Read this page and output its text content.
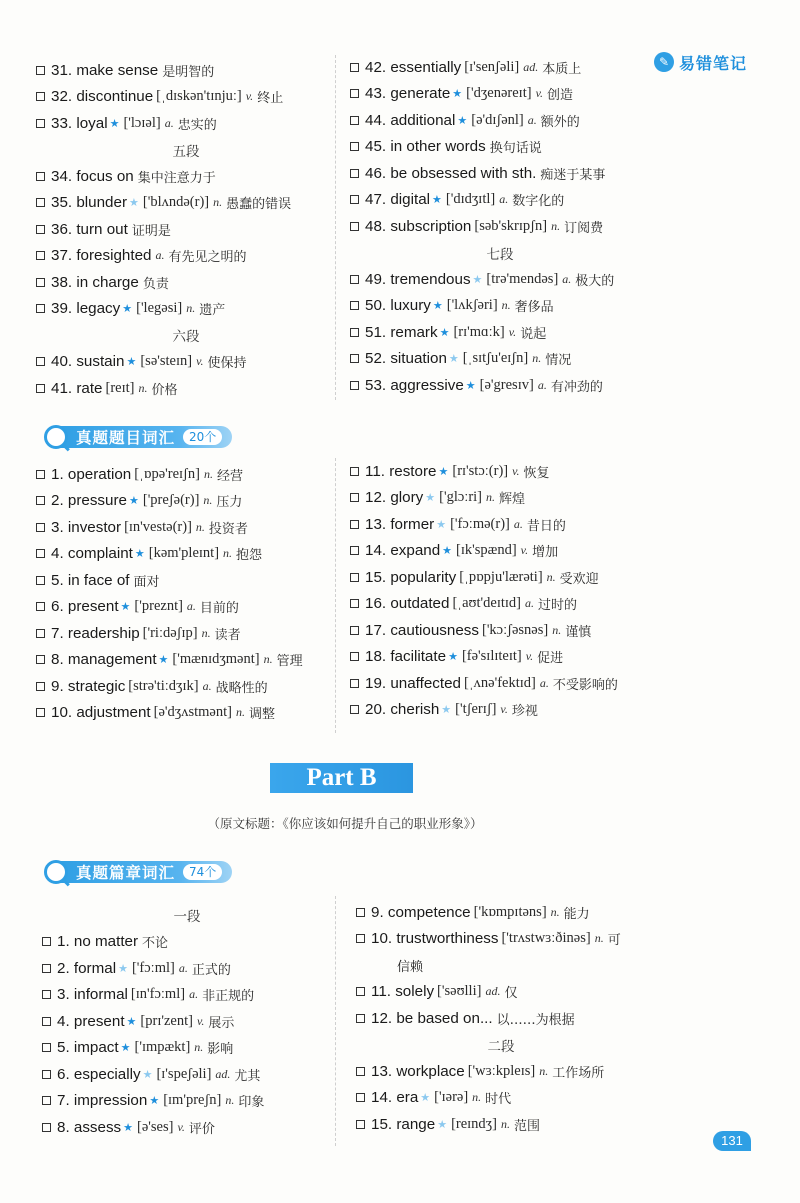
✎ 易错笔记
31. make sense 是明智的
32. discontinue [ˌdɪskən'tɪnjuː] v. 终止
33. loyal ★ ['lɔɪəl] a. 忠实的
五段
34. focus on 集中注意力于
35. blunder ★ ['blʌndə(r)] n. 愚蠢的错误
36. turn out 证明是
37. foresighted a. 有先见之明的
38. in charge 负责
39. legacy ★ ['legəsi] n. 遗产
六段
40. sustain ★ [sə'steɪn] v. 使保持
41. rate [reɪt] n. 价格
42. essentially [ɪ'senʃəli] ad. 本质上
43. generate ★ ['dʒenəreɪt] v. 创造
44. additional ★ [ə'dɪʃənl] a. 额外的
45. in other words 换句话说
46. be obsessed with sth. 痴迷于某事
47. digital ★ ['dɪdʒɪtl] a. 数字化的
48. subscription [səb'skrɪpʃn] n. 订阅费
七段
49. tremendous ★ [trə'mendəs] a. 极大的
50. luxury ★ ['lʌkʃəri] n. 奢侈品
51. remark ★ [rɪ'mɑːk] v. 说起
52. situation ★ [ˌsɪtʃu'eɪʃn] n. 情况
53. aggressive ★ [ə'gresɪv] a. 有冲劲的
真题题目词汇	20个
1. operation [ˌɒpə'reɪʃn] n. 经营
2. pressure ★ ['preʃə(r)] n. 压力
3. investor [ɪn'vestə(r)] n. 投资者
4. complaint ★ [kəm'pleɪnt] n. 抱怨
5. in face of 面对
6. present ★ ['preznt] a. 目前的
7. readership ['riːdəʃɪp] n. 读者
8. management ★ ['mænɪdʒmənt] n. 管理
9. strategic [strə'tiːdʒɪk] a. 战略性的
10. adjustment [ə'dʒʌstmənt] n. 调整
11. restore ★ [rɪ'stɔː(r)] v. 恢复
12. glory ★ ['glɔːri] n. 辉煌
13. former ★ ['fɔːmə(r)] a. 昔日的
14. expand ★ [ɪk'spænd] v. 增加
15. popularity [ˌpɒpju'lærəti] n. 受欢迎
16. outdated [ˌaʊt'deɪtɪd] a. 过时的
17. cautiousness ['kɔːʃəsnəs] n. 谨慎
18. facilitate ★ [fə'sɪlɪteɪt] v. 促进
19. unaffected [ˌʌnə'fektɪd] a. 不受影响的
20. cherish ★ ['tʃerɪʃ] v. 珍视
Part B
（原文标题：《你应该如何提升自己的职业形象》）
真题篇章词汇	74个
一段
1. no matter 不论
2. formal ★ ['fɔːml] a. 正式的
3. informal [ɪn'fɔːml] a. 非正规的
4. present ★ [prɪ'zent] v. 展示
5. impact ★ ['ɪmpækt] n. 影响
6. especially ★ [ɪ'speʃəli] ad. 尤其
7. impression ★ [ɪm'preʃn] n. 印象
8. assess ★ [ə'ses] v. 评价
9. competence ['kɒmpɪtəns] n. 能力
10. trustworthiness ['trʌstwɜːðinəs] n. 可
信赖
11. solely ['səʊlli] ad. 仅
12. be based on... 以……为根据
二段
13. workplace ['wɜːkpleɪs] n. 工作场所
14. era ★ ['ɪərə] n. 时代
15. range ★ [reɪndʒ] n. 范围
131
